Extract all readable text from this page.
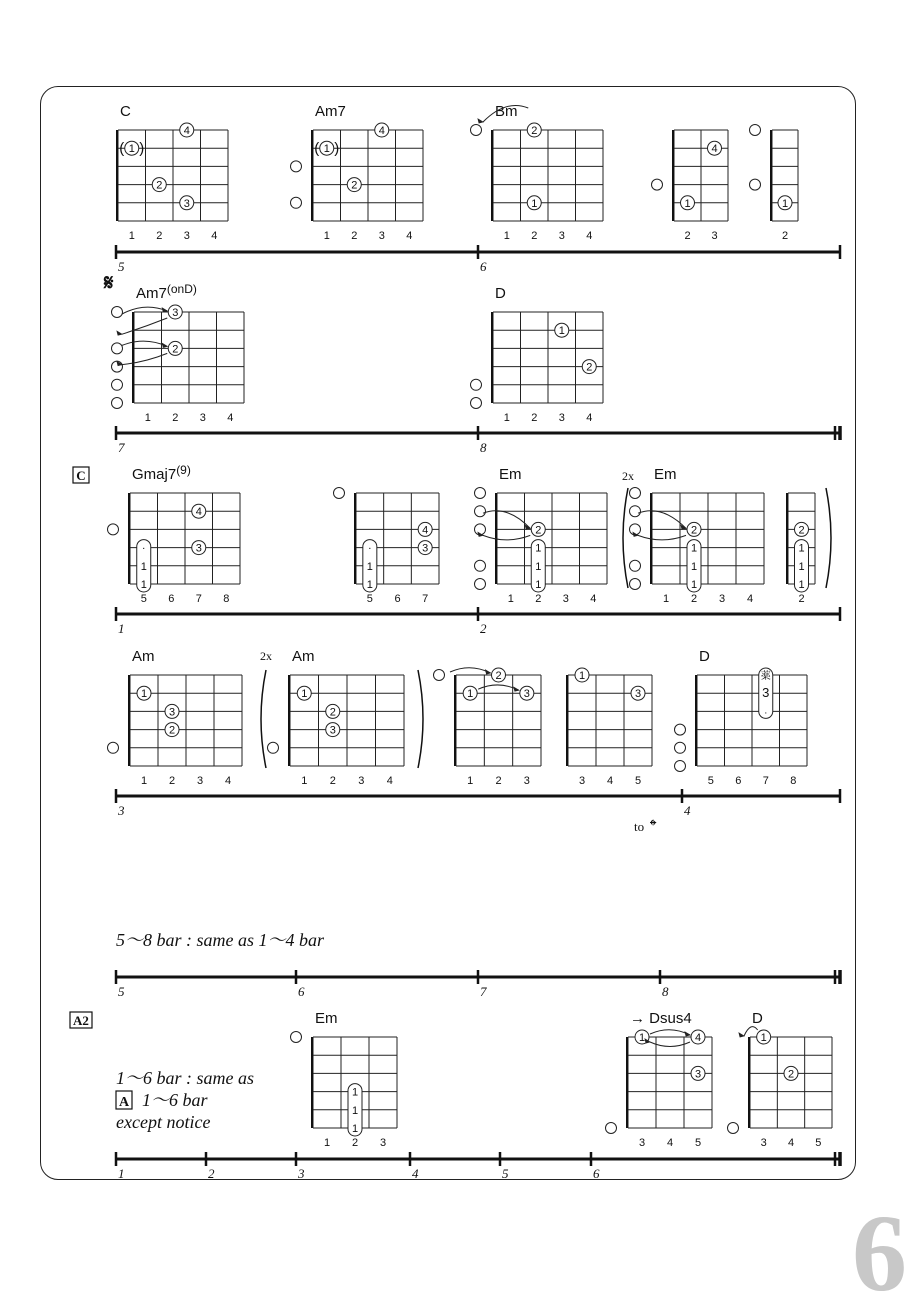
C
4
1
( )
2
3
1 2 3 4
Am7
4
1
( )
2
1 2 3 4
Bm
2
1
1 2 3 4
4
1
2 3
1
2
5	6
$Am7^{(onD)}$
3
2
1 2 3 4
D
1
2
1 2 3 4
7	8
$Gmaj7^{(9)}$
·
1
1
4
3
5 6 7 8
·
1
1
4
3
5 6 7
Em
1
1
1
2
1 2 3 4
Em
1
1
1
2
1 2 3 4
1
1
1
2
2
1	2
Am
1
3
2
1 2 3 4
Am
1
2
3
1 2 3 4
2
1	3
1 2 3
1
3
3 4 5
D
薬
3
·
5 6 7 8
3	4
5	6	7	8
Em
1
1
1
1 2 3
→ Dsus4
1	4
3
3 4 5
D
1
2
3 4 5
1	2	3	4	5	6
𝄋
C	2x
2x
to 𝄌
5〜8 bar : same as 1〜4 bar
A2
1〜6 bar : same as
A 1〜6 bar
except notice
6
